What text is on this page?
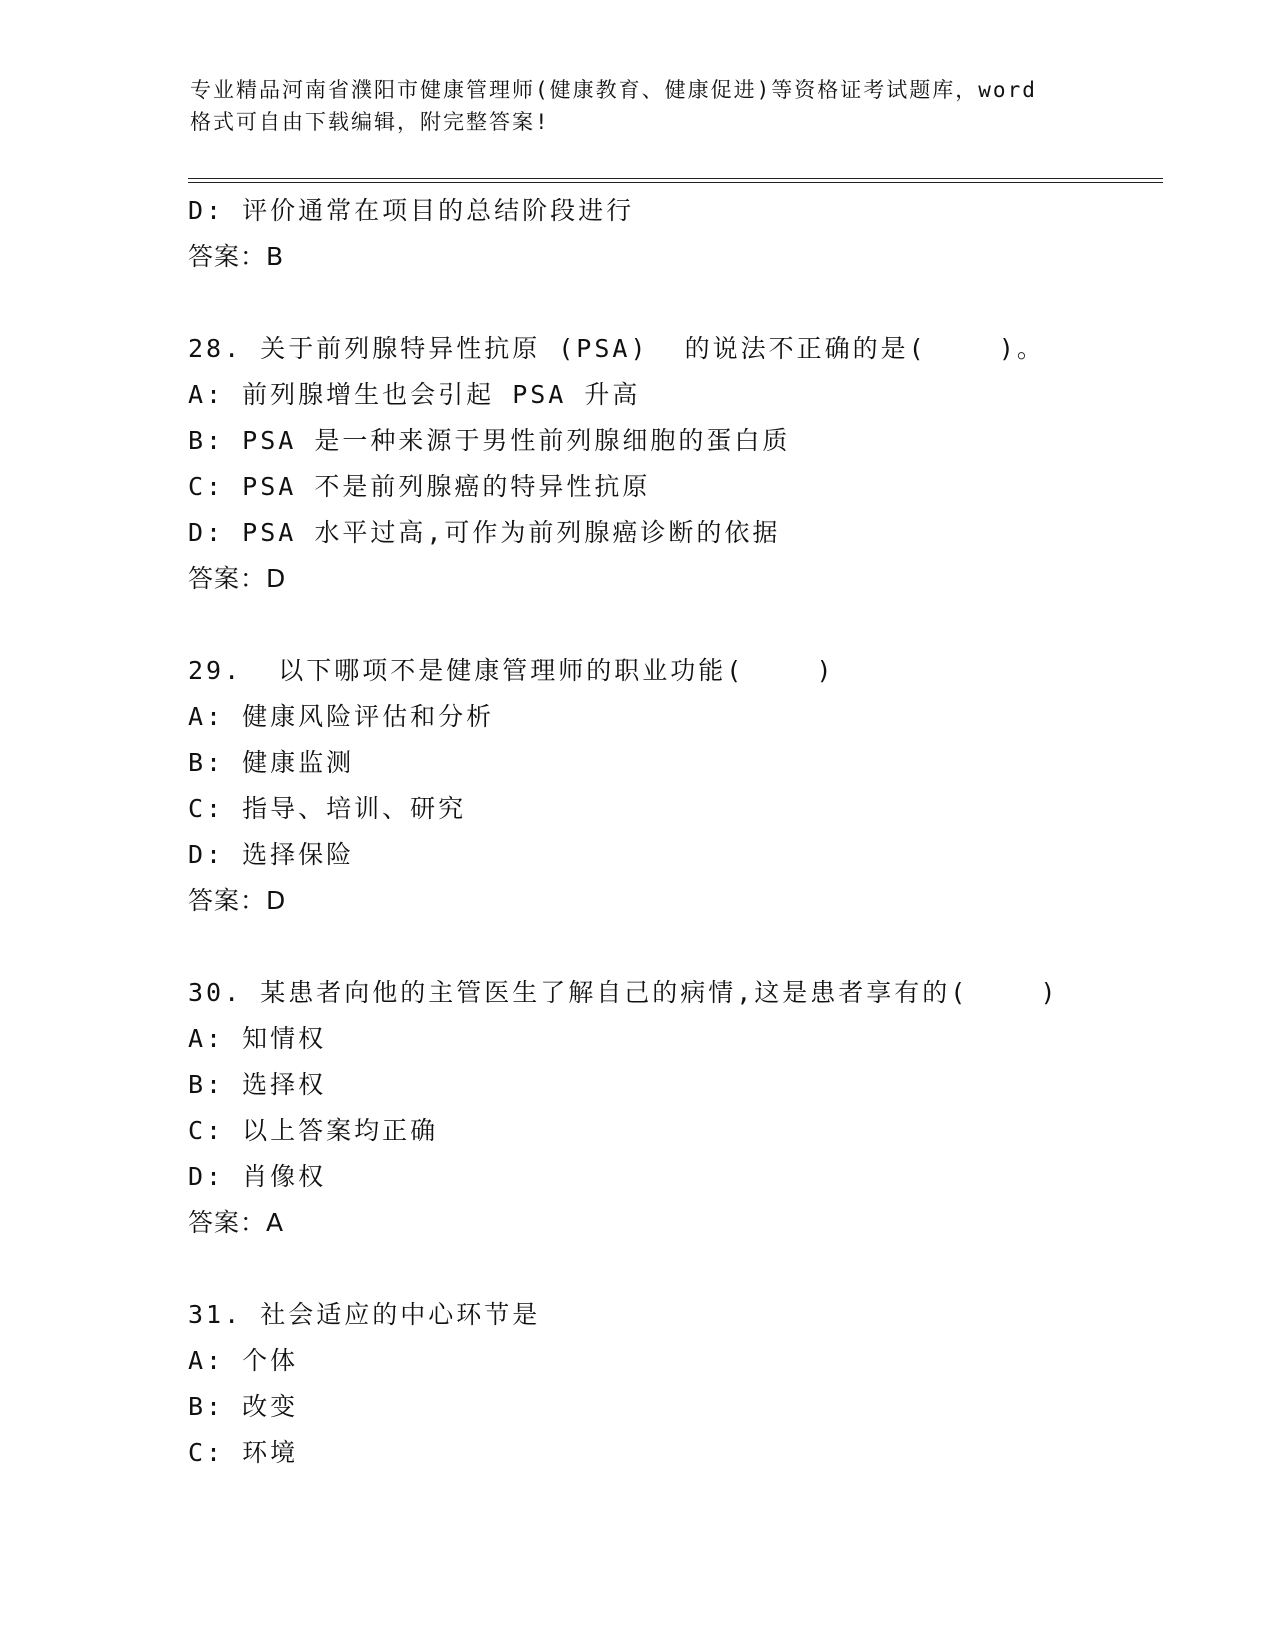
专业精品河南省濮阳市健康管理师(健康教育、健康促进)等资格证考试题库，word
格式可自由下载编辑，附完整答案!
D: 评价通常在项目的总结阶段进行
答案：B
28. 关于前列腺特异性抗原 (PSA)  的说法不正确的是(    )。
A: 前列腺增生也会引起 PSA 升高
B: PSA 是一种来源于男性前列腺细胞的蛋白质
C: PSA 不是前列腺癌的特异性抗原
D: PSA 水平过高,可作为前列腺癌诊断的依据
答案：D
29.  以下哪项不是健康管理师的职业功能(    )
A: 健康风险评估和分析
B: 健康监测
C: 指导、培训、研究
D: 选择保险
答案：D
30. 某患者向他的主管医生了解自己的病情,这是患者享有的(    )
A: 知情权
B: 选择权
C: 以上答案均正确
D: 肖像权
答案：A
31. 社会适应的中心环节是
A: 个体
B: 改变
C: 环境
